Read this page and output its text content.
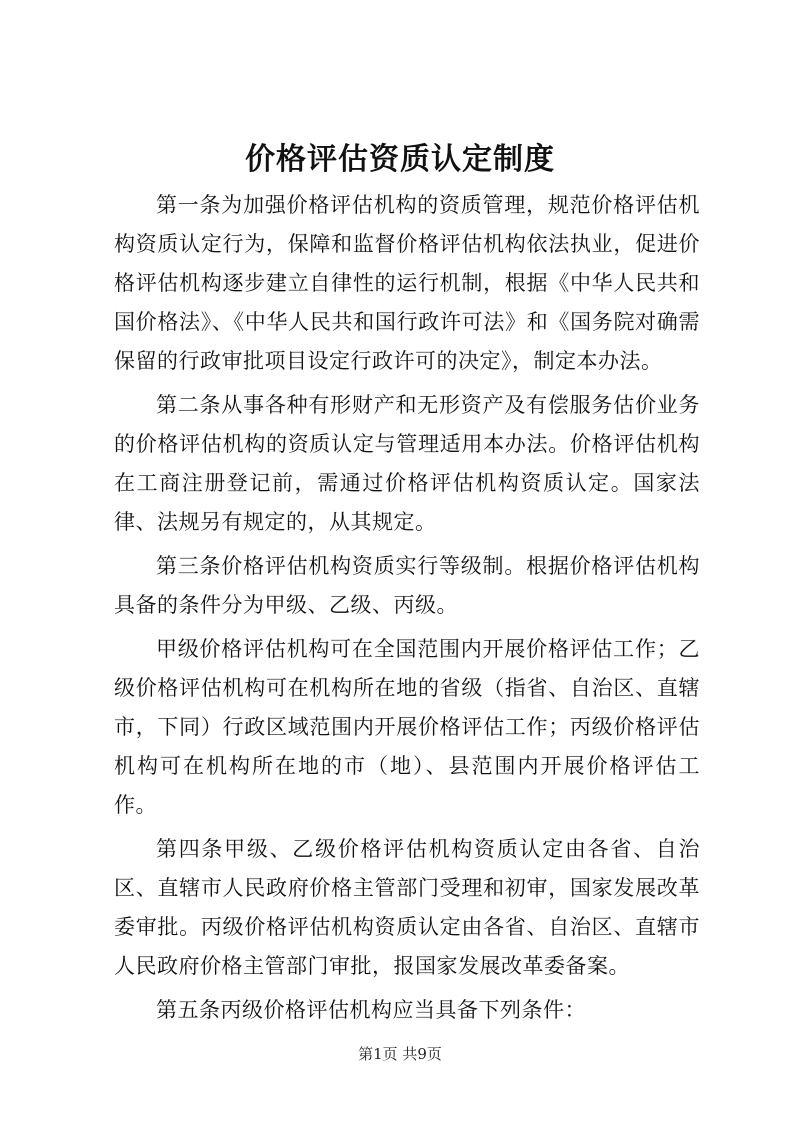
价格评估资质认定制度

第一条为加强价格评估机构的资质管理，规范价格评估机构资质认定行为，保障和监督价格评估机构依法执业，促进价格评估机构逐步建立自律性的运行机制，根据《中华人民共和国价格法》、《中华人民共和国行政许可法》和《国务院对确需保留的行政审批项目设定行政许可的决定》，制定本办法。

第二条从事各种有形财产和无形资产及有偿服务估价业务的价格评估机构的资质认定与管理适用本办法。价格评估机构在工商注册登记前，需通过价格评估机构资质认定。国家法律、法规另有规定的，从其规定。

第三条价格评估机构资质实行等级制。根据价格评估机构具备的条件分为甲级、乙级、丙级。

甲级价格评估机构可在全国范围内开展价格评估工作；乙级价格评估机构可在机构所在地的省级（指省、自治区、直辖市，下同）行政区域范围内开展价格评估工作；丙级价格评估机构可在机构所在地的市（地）、县范围内开展价格评估工作。

第四条甲级、乙级价格评估机构资质认定由各省、自治区、直辖市人民政府价格主管部门受理和初审，国家发展改革委审批。丙级价格评估机构资质认定由各省、自治区、直辖市人民政府价格主管部门审批，报国家发展改革委备案。

第五条丙级价格评估机构应当具备下列条件：

第1页 共9页
